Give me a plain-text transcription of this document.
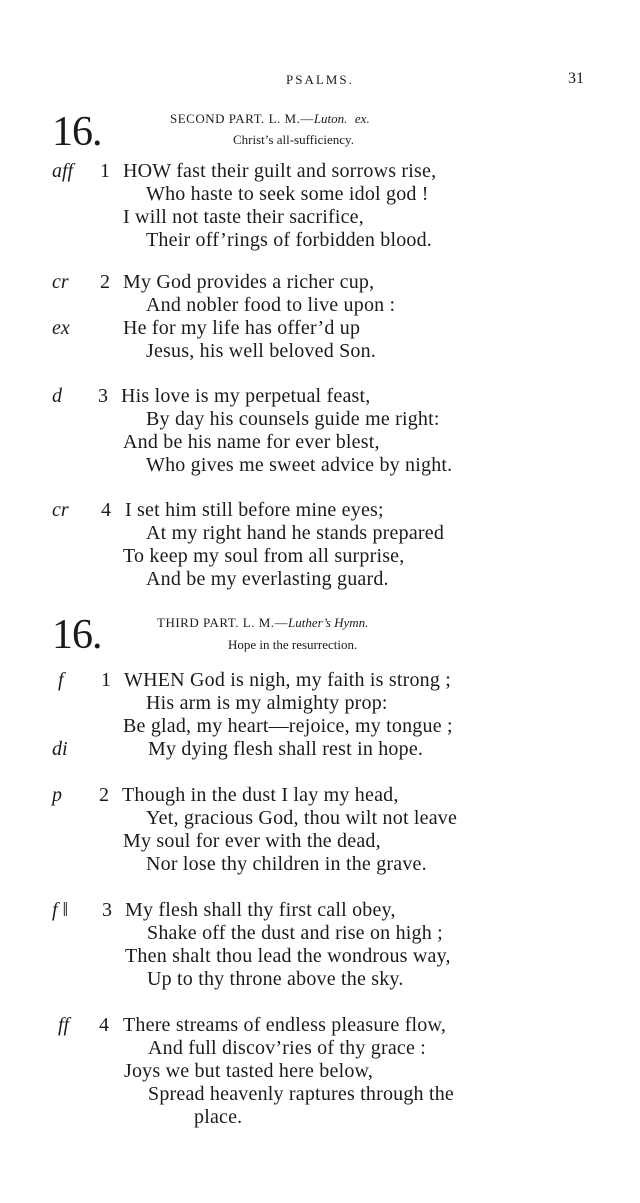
PSALMS.	31
16.	SECOND PART. L. M.—Luton. ex.
Christ’s all-sufficiency.
aff 1 HOW fast their guilt and sorrows rise,
Who haste to seek some idol god !
I will not taste their sacrifice,
Their off’rings of forbidden blood.
cr 2 My God provides a richer cup,
And nobler food to live upon :
ex	He for my life has offer’d up
Jesus, his well beloved Son.
d 3 His love is my perpetual feast,
By day his counsels guide me right:
And be his name for ever blest,
Who gives me sweet advice by night.
cr 4 I set him still before mine eyes;
At my right hand he stands prepared
To keep my soul from all surprise,
And be my everlasting guard.
16.	THIRD PART. L. M.—Luther’s Hymn.
Hope in the resurrection.
f 1 WHEN God is nigh, my faith is strong ;
His arm is my almighty prop:
Be glad, my heart—rejoice, my tongue ;
di	My dying flesh shall rest in hope.
p 2 Though in the dust I lay my head,
Yet, gracious God, thou wilt not leave
My soul for ever with the dead,
Nor lose thy children in the grave.
f ‖ 3 My flesh shall thy first call obey,
Shake off the dust and rise on high ;
Then shalt thou lead the wondrous way,
Up to thy throne above the sky.
ff 4 There streams of endless pleasure flow,
And full discov’ries of thy grace :
Joys we but tasted here below,
Spread heavenly raptures through the
place.
